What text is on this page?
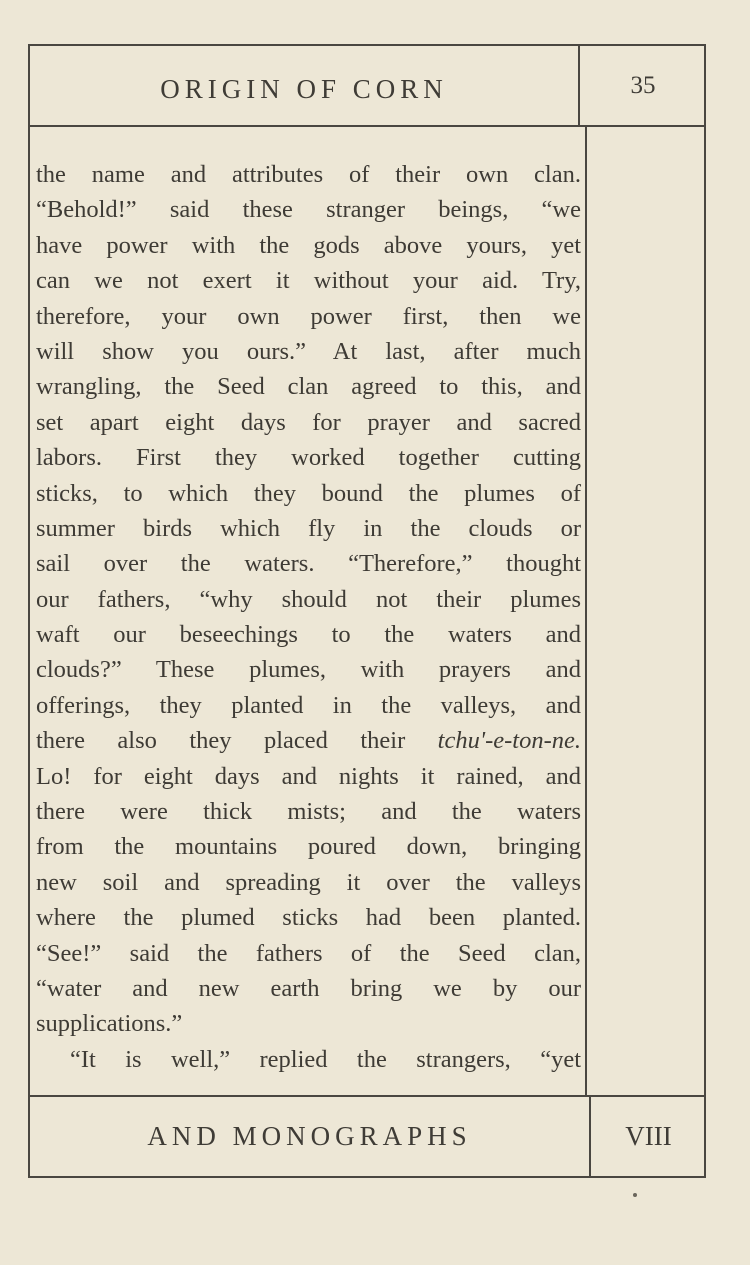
ORIGIN OF CORN	35
the name and attributes of their own clan.
“Behold!” said these stranger beings, “we
have power with the gods above yours, yet
can we not exert it without your aid. Try,
therefore, your own power first, then we
will show you ours.” At last, after much
wrangling, the Seed clan agreed to this, and
set apart eight days for prayer and sacred
labors. First they worked together cutting
sticks, to which they bound the plumes of
summer birds which fly in the clouds or
sail over the waters. “Therefore,” thought
our fathers, “why should not their plumes
waft our beseechings to the waters and
clouds?” These plumes, with prayers and
offerings, they planted in the valleys, and
there also they placed their tchu'-e-ton-ne.
Lo! for eight days and nights it rained, and
there were thick mists; and the waters
from the mountains poured down, bringing
new soil and spreading it over the valleys
where the plumed sticks had been planted.
“See!” said the fathers of the Seed clan,
“water and new earth bring we by our
supplications.”
“It is well,” replied the strangers, “yet
AND MONOGRAPHS	VIII
